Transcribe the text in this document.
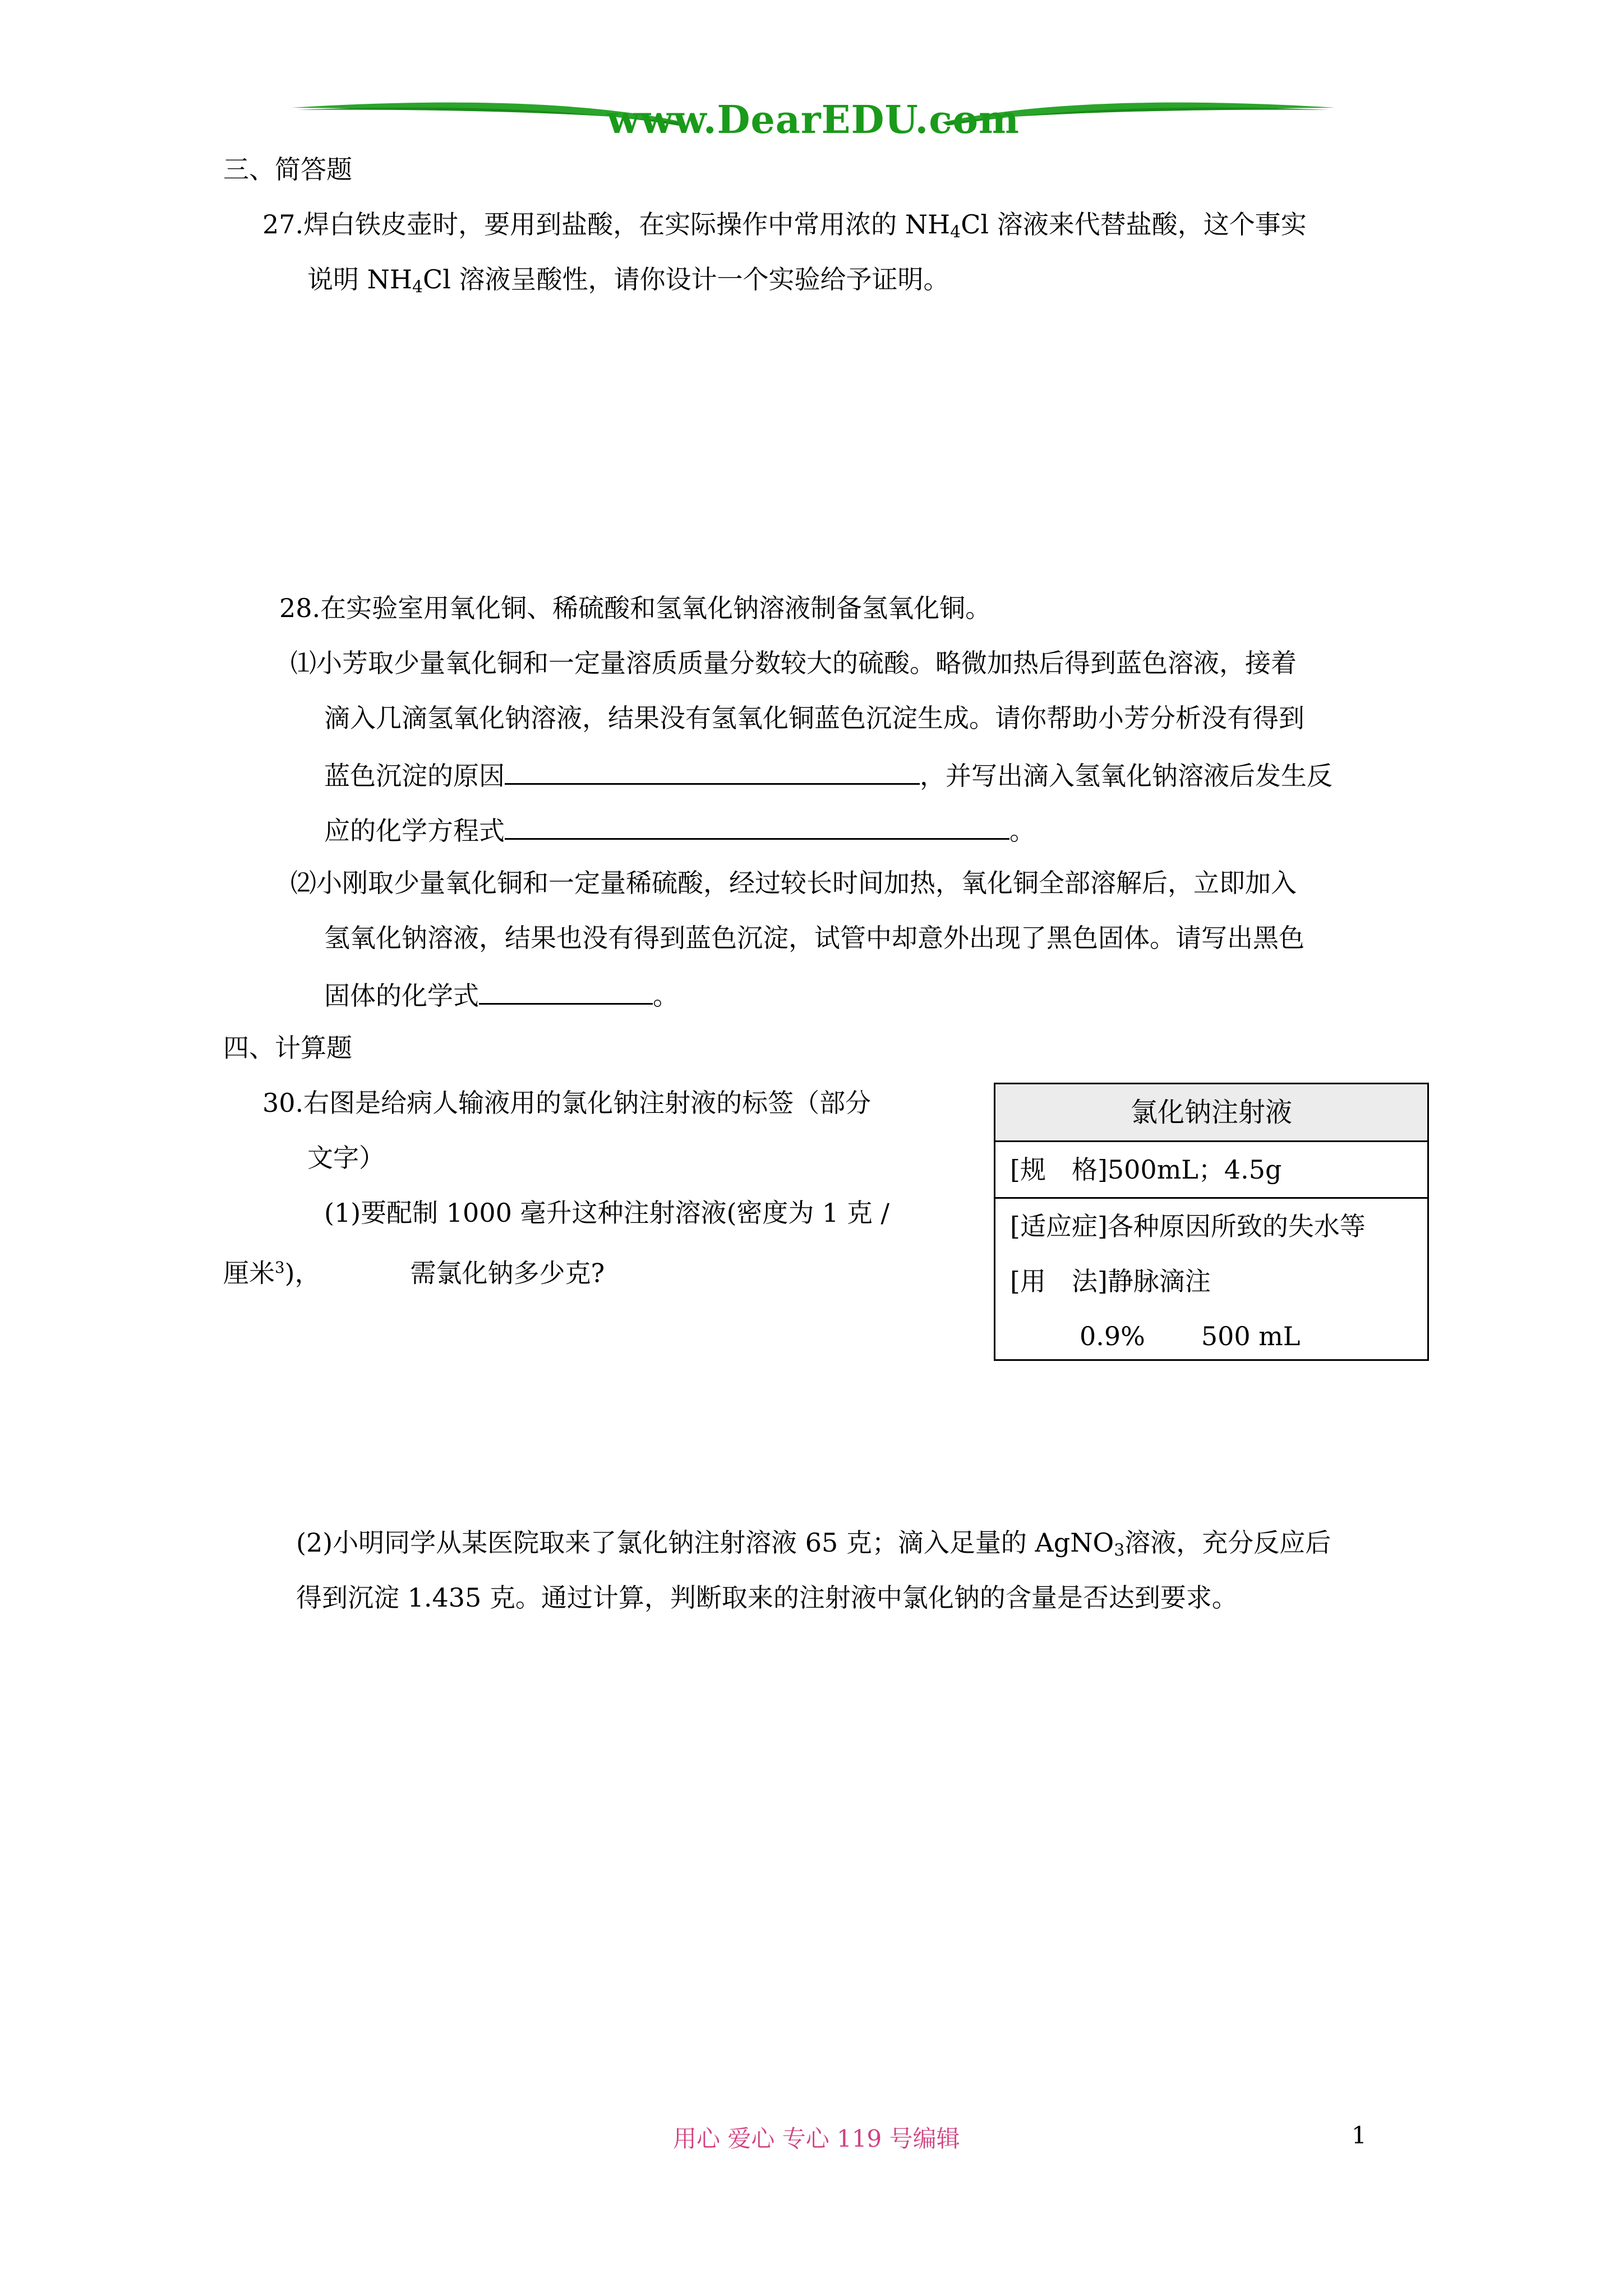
www.DearEDU.com
三、简答题
27.焊白铁皮壶时，要用到盐酸，在实际操作中常用浓的 $NH_4Cl$ 溶液来代替盐酸，这个事实
说明 $NH_4Cl$ 溶液呈酸性，请你设计一个实验给予证明。
28.在实验室用氧化铜、稀硫酸和氢氧化钠溶液制备氢氧化铜。
⑴小芳取少量氧化铜和一定量溶质质量分数较大的硫酸。略微加热后得到蓝色溶液，接着
滴入几滴氢氧化钠溶液，结果没有氢氧化铜蓝色沉淀生成。请你帮助小芳分析没有得到
蓝色沉淀的原因	，并写出滴入氢氧化钠溶液后发生反
应的化学方程式	。
⑵小刚取少量氧化铜和一定量稀硫酸，经过较长时间加热，氧化铜全部溶解后，立即加入
氢氧化钠溶液，结果也没有得到蓝色沉淀，试管中却意外出现了黑色固体。请写出黑色
固体的化学式	。
四、计算题
30.右图是给病人输液用的氯化钠注射液的标签（部分
文字）
(1)要配制 1000 毫升这种注射溶液(密度为 1 克 /
厘米$^3$)，	需氯化钠多少克?
氯化钠注射液
[规　格]500mL；4.5g
[适应症]各种原因所致的失水等
[用　法]静脉滴注
0.9% 500 mL
(2)小明同学从某医院取来了氯化钠注射溶液 65 克；滴入足量的 AgNO$_3$溶液，充分反应后
得到沉淀 1.435 克。通过计算，判断取来的注射液中氯化钠的含量是否达到要求。
用心 爱心 专心 119 号编辑	1
